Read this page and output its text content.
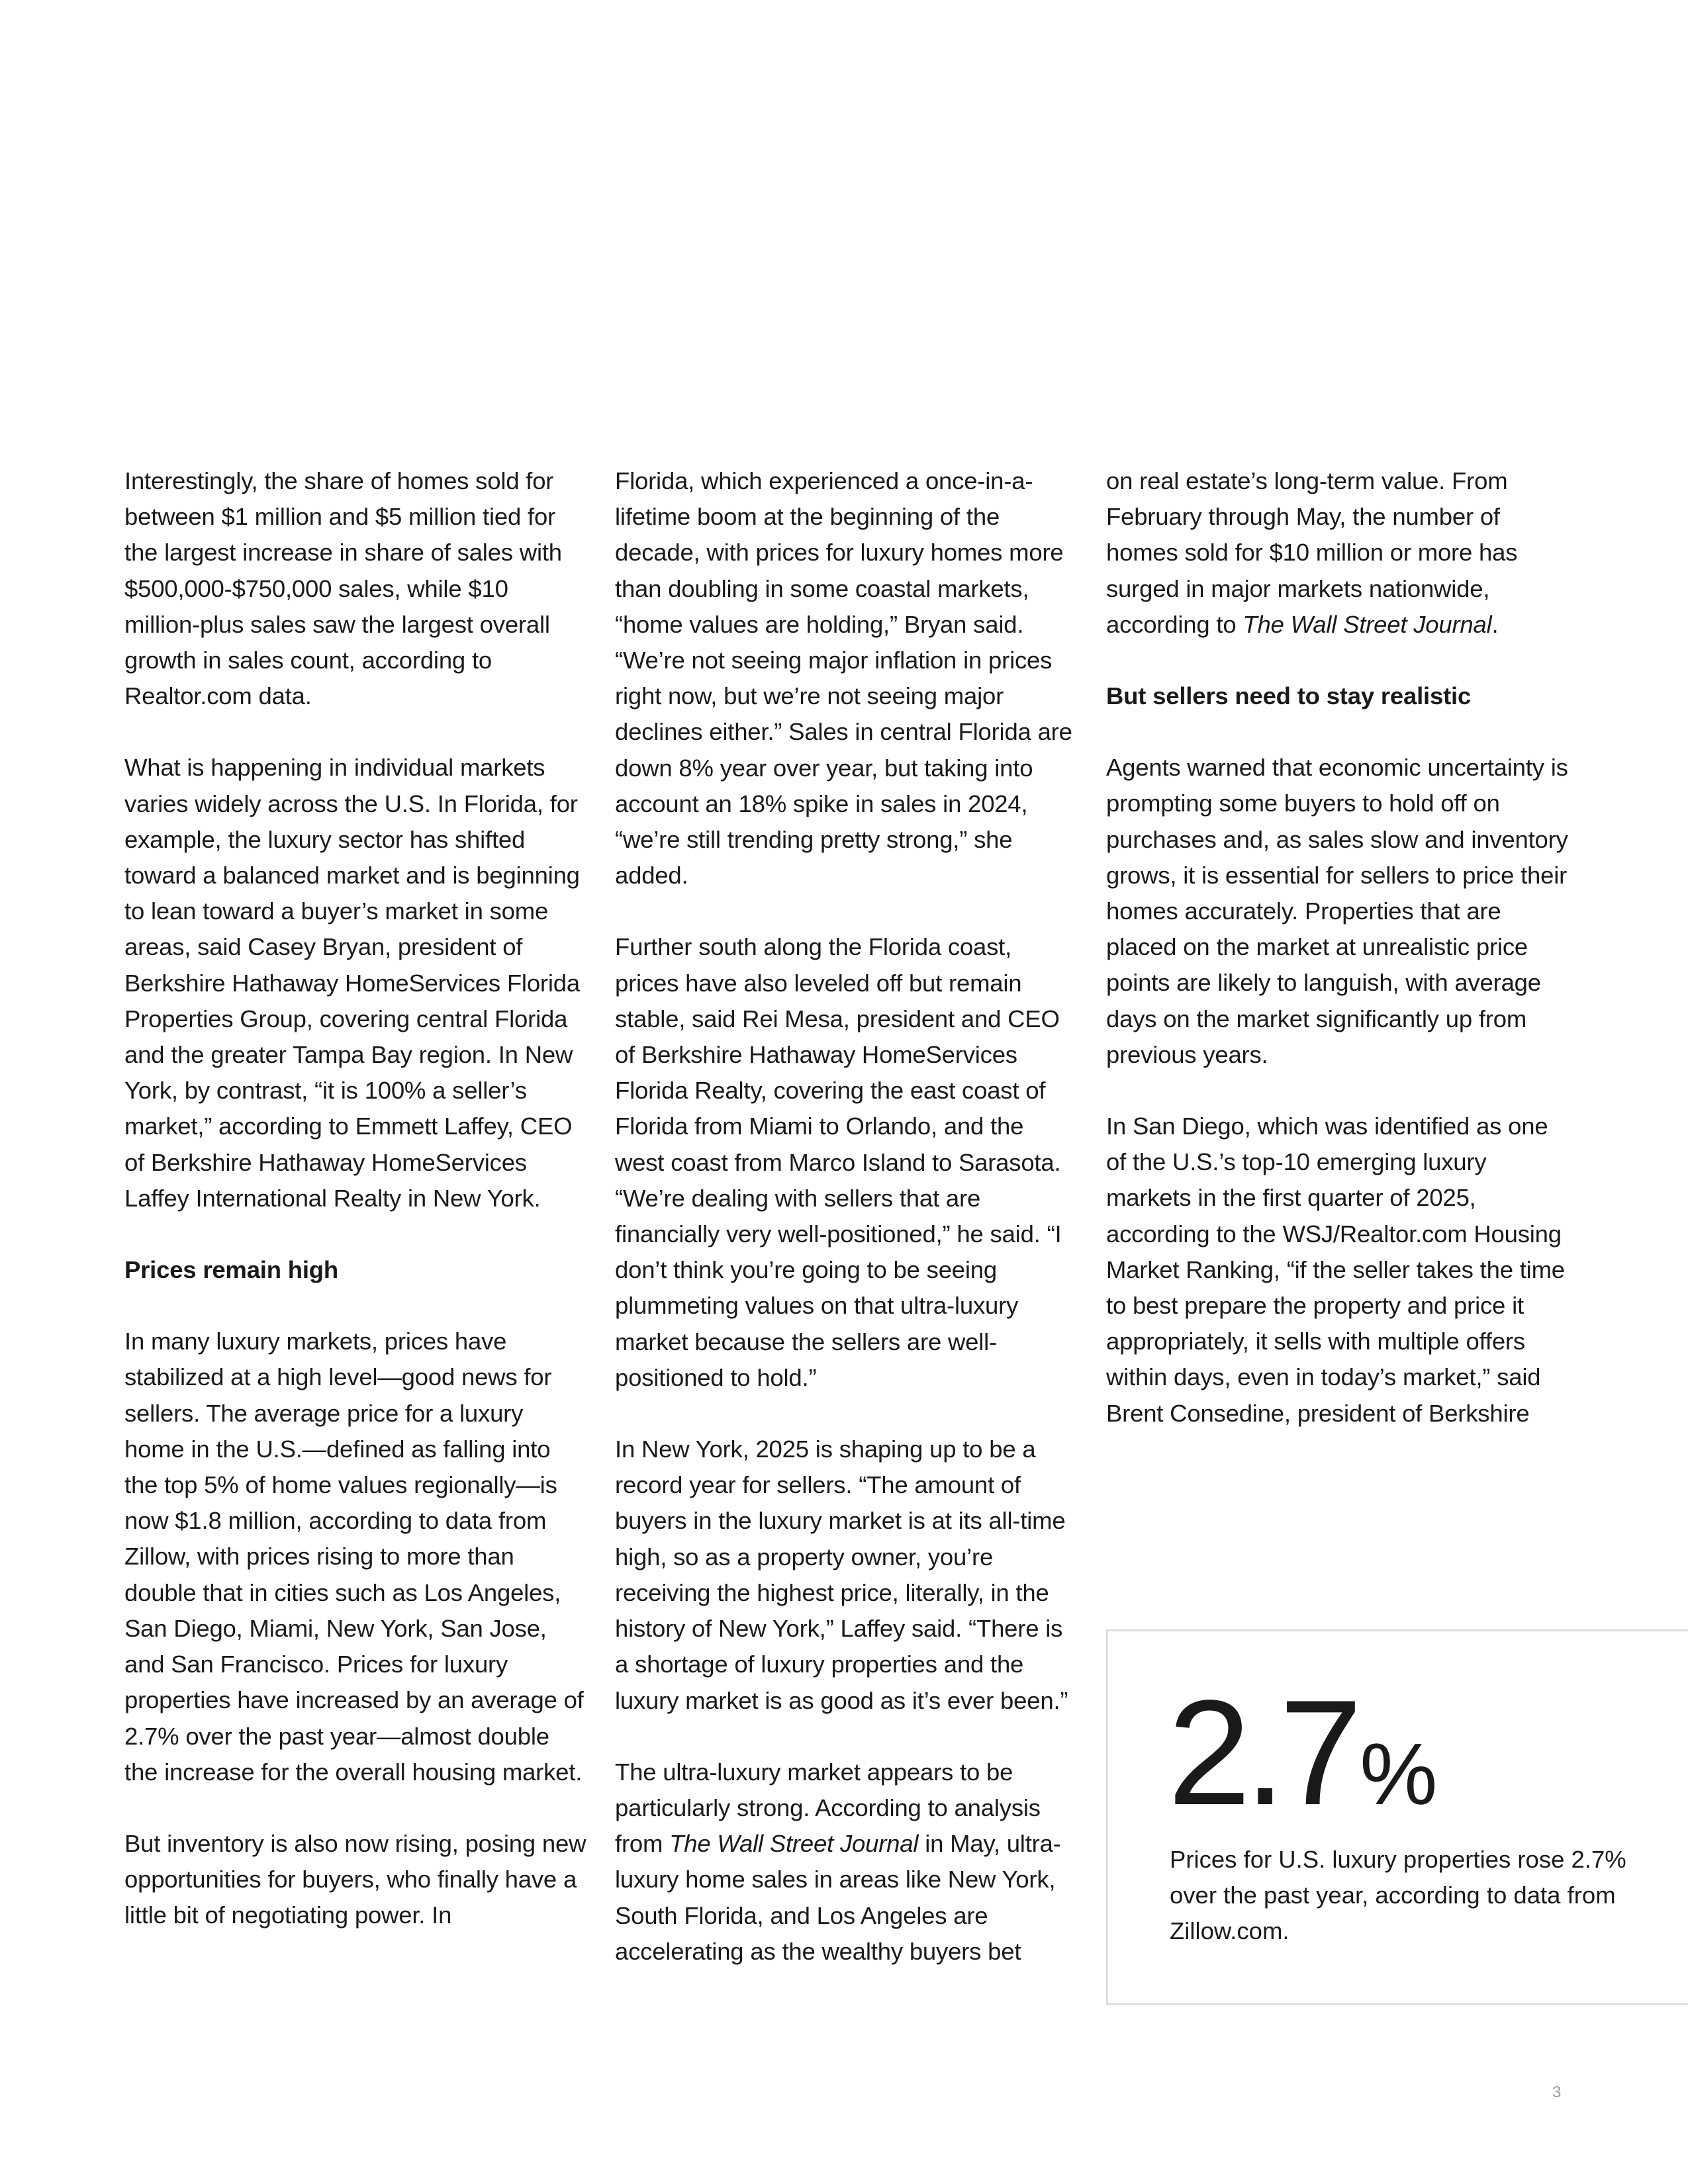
Interestingly, the share of homes sold for between $1 million and $5 million tied for the largest increase in share of sales with $500,000-$750,000 sales, while $10 million-plus sales saw the largest overall growth in sales count, according to Realtor.com data.

What is happening in individual markets varies widely across the U.S. In Florida, for example, the luxury sector has shifted toward a balanced market and is beginning to lean toward a buyer’s market in some areas, said Casey Bryan, president of Berkshire Hathaway HomeServices Florida Properties Group, covering central Florida and the greater Tampa Bay region. In New York, by contrast, “it is 100% a seller’s market,” according to Emmett Laffey, CEO of Berkshire Hathaway HomeServices Laffey International Realty in New York.

Prices remain high

In many luxury markets, prices have stabilized at a high level—good news for sellers. The average price for a luxury home in the U.S.—defined as falling into the top 5% of home values regionally—is now $1.8 million, according to data from Zillow, with prices rising to more than double that in cities such as Los Angeles, San Diego, Miami, New York, San Jose, and San Francisco. Prices for luxury properties have increased by an average of 2.7% over the past year—almost double the increase for the overall housing market.

But inventory is also now rising, posing new opportunities for buyers, who finally have a little bit of negotiating power. In

Florida, which experienced a once-in-a-lifetime boom at the beginning of the decade, with prices for luxury homes more than doubling in some coastal markets, “home values are holding,” Bryan said. “We’re not seeing major inflation in prices right now, but we’re not seeing major declines either.” Sales in central Florida are down 8% year over year, but taking into account an 18% spike in sales in 2024, “we’re still trending pretty strong,” she added.

Further south along the Florida coast, prices have also leveled off but remain stable, said Rei Mesa, president and CEO of Berkshire Hathaway HomeServices Florida Realty, covering the east coast of Florida from Miami to Orlando, and the west coast from Marco Island to Sarasota. “We’re dealing with sellers that are financially very well-positioned,” he said. “I don’t think you’re going to be seeing plummeting values on that ultra-luxury market because the sellers are well-positioned to hold.”

In New York, 2025 is shaping up to be a record year for sellers. “The amount of buyers in the luxury market is at its all-time high, so as a property owner, you’re receiving the highest price, literally, in the history of New York,” Laffey said. “There is a shortage of luxury properties and the luxury market is as good as it’s ever been.”

The ultra-luxury market appears to be particularly strong. According to analysis from The Wall Street Journal in May, ultra-luxury home sales in areas like New York, South Florida, and Los Angeles are accelerating as the wealthy buyers bet

on real estate’s long-term value. From February through May, the number of homes sold for $10 million or more has surged in major markets nationwide, according to The Wall Street Journal.

But sellers need to stay realistic

Agents warned that economic uncertainty is prompting some buyers to hold off on purchases and, as sales slow and inventory grows, it is essential for sellers to price their homes accurately. Properties that are placed on the market at unrealistic price points are likely to languish, with average days on the market significantly up from previous years.

In San Diego, which was identified as one of the U.S.’s top-10 emerging luxury markets in the first quarter of 2025, according to the WSJ/Realtor.com Housing Market Ranking, “if the seller takes the time to best prepare the property and price it appropriately, it sells with multiple offers within days, even in today’s market,” said Brent Consedine, president of Berkshire

2.7%

Prices for U.S. luxury properties rose 2.7% over the past year, according to data from Zillow.com.

3
